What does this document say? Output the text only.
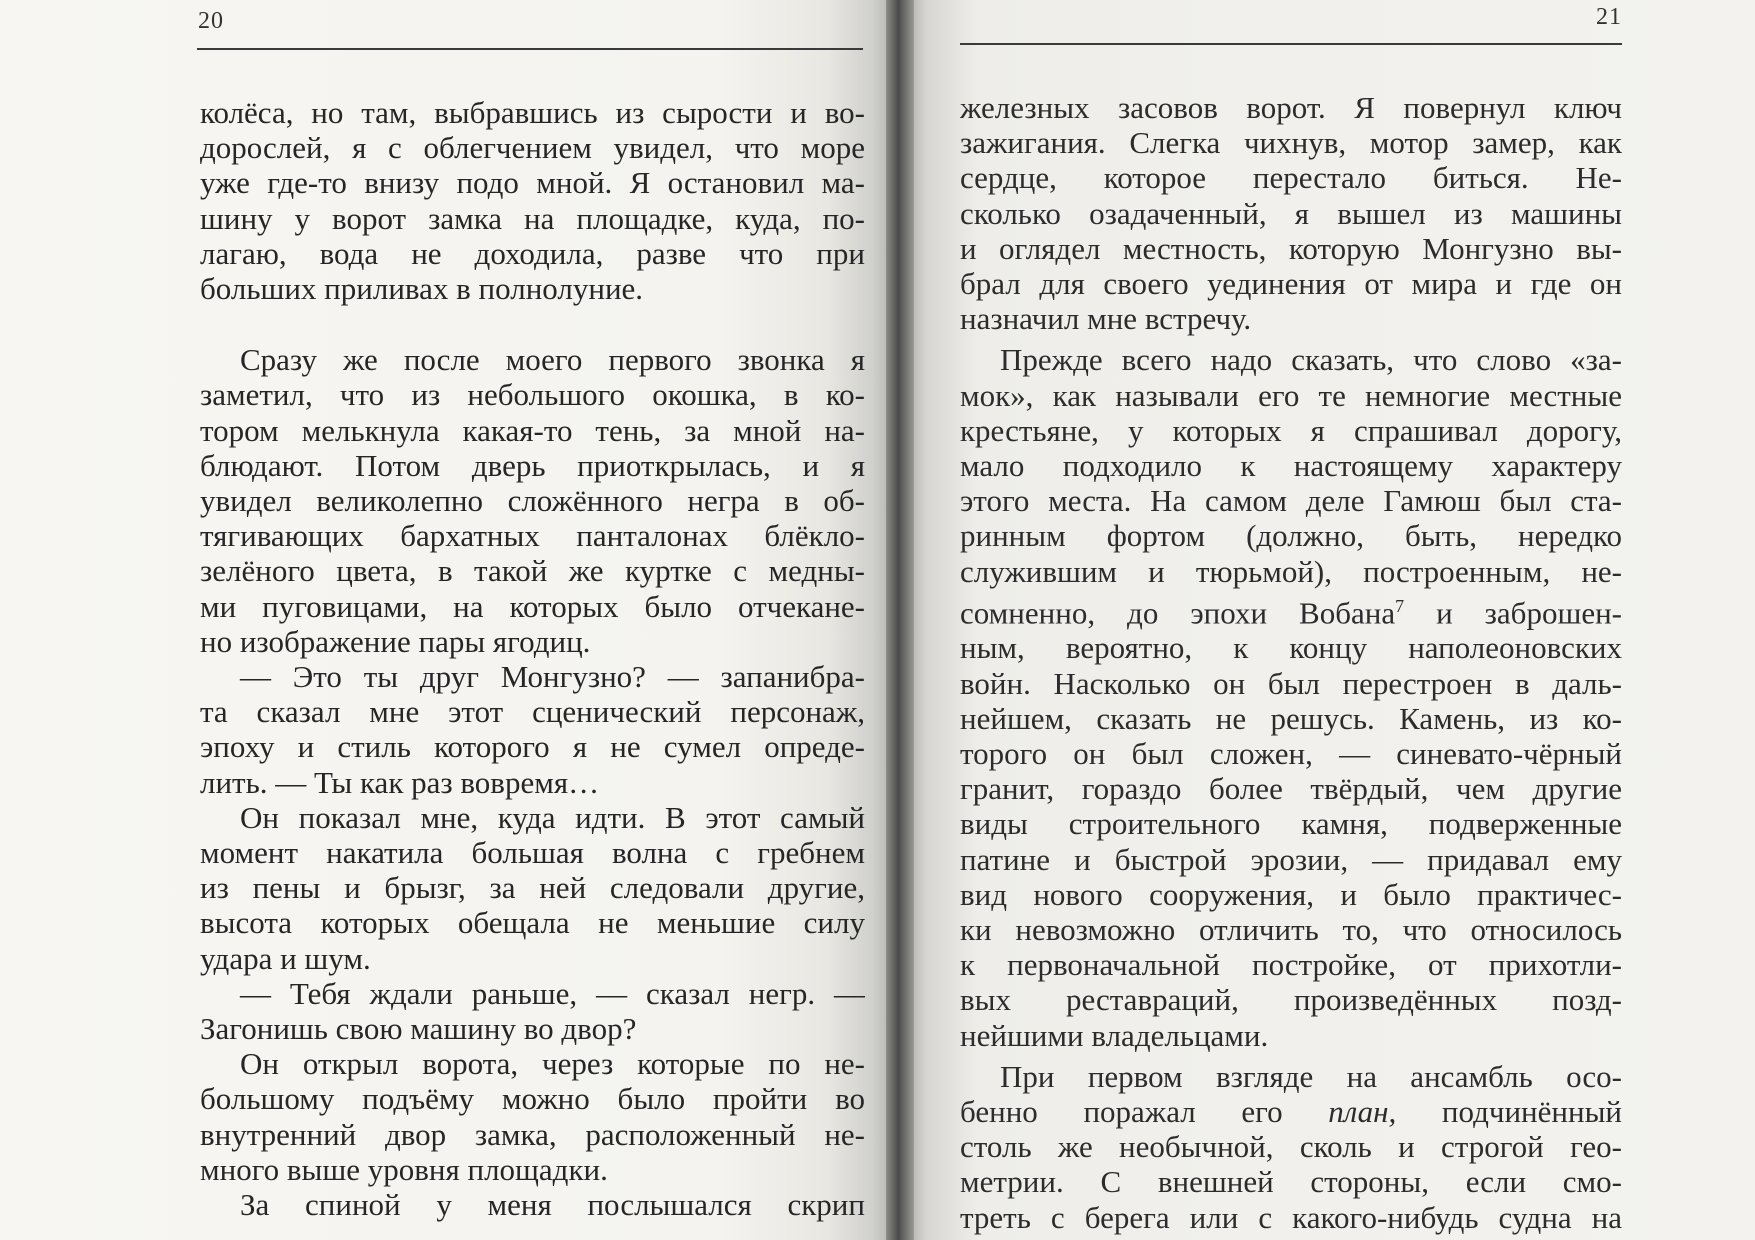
20	21
колёса, но там, выбравшись из сырости и во-
дорослей, я с облегчением увидел, что море
уже где-то внизу подо мной. Я остановил ма-
шину у ворот замка на площадке, куда, по-
лагаю, вода не доходила, разве что при
больших приливах в полнолуние.
Сразу же после моего первого звонка я
заметил, что из небольшого окошка, в ко-
тором мелькнула какая-то тень, за мной на-
блюдают. Потом дверь приоткрылась, и я
увидел великолепно сложённого негра в об-
тягивающих бархатных панталонах блёкло-
зелёного цвета, в такой же куртке с медны-
ми пуговицами, на которых было отчекане-
но изображение пары ягодиц.
— Это ты друг Монгузно? — запанибра-
та сказал мне этот сценический персонаж,
эпоху и стиль которого я не сумел опреде-
лить. — Ты как раз вовремя…
Он показал мне, куда идти. В этот самый
момент накатила большая волна с гребнем
из пены и брызг, за ней следовали другие,
высота которых обещала не меньшие силу
удара и шум.
— Тебя ждали раньше, — сказал негр. —
Загонишь свою машину во двор?
Он открыл ворота, через которые по не-
большому подъёму можно было пройти во
внутренний двор замка, расположенный не-
много выше уровня площадки.
За спиной у меня послышался скрип
железных засовов ворот. Я повернул ключ
зажигания. Слегка чихнув, мотор замер, как
сердце, которое перестало биться. Не-
сколько озадаченный, я вышел из машины
и оглядел местность, которую Монгузно вы-
брал для своего уединения от мира и где он
назначил мне встречу.
Прежде всего надо сказать, что слово «за-
мок», как называли его те немногие местные
крестьяне, у которых я спрашивал дорогу,
мало подходило к настоящему характеру
этого места. На самом деле Гамюш был ста-
ринным фортом (должно, быть, нередко
служившим и тюрьмой), построенным, не-
сомненно, до эпохи Вобана$^7$ и заброшен-
ным, вероятно, к концу наполеоновских
войн. Насколько он был перестроен в даль-
нейшем, сказать не решусь. Камень, из ко-
торого он был сложен, — синевато-чёрный
гранит, гораздо более твёрдый, чем другие
виды строительного камня, подверженные
патине и быстрой эрозии, — придавал ему
вид нового сооружения, и было практичес-
ки невозможно отличить то, что относилось
к первоначальной постройке, от прихотли-
вых реставраций, произведённых позд-
нейшими владельцами.
При первом взгляде на ансамбль осо-
бенно поражал его план, подчинённый
столь же необычной, сколь и строгой гео-
метрии. С внешней стороны, если смо-
треть с берега или с какого-нибудь судна на
